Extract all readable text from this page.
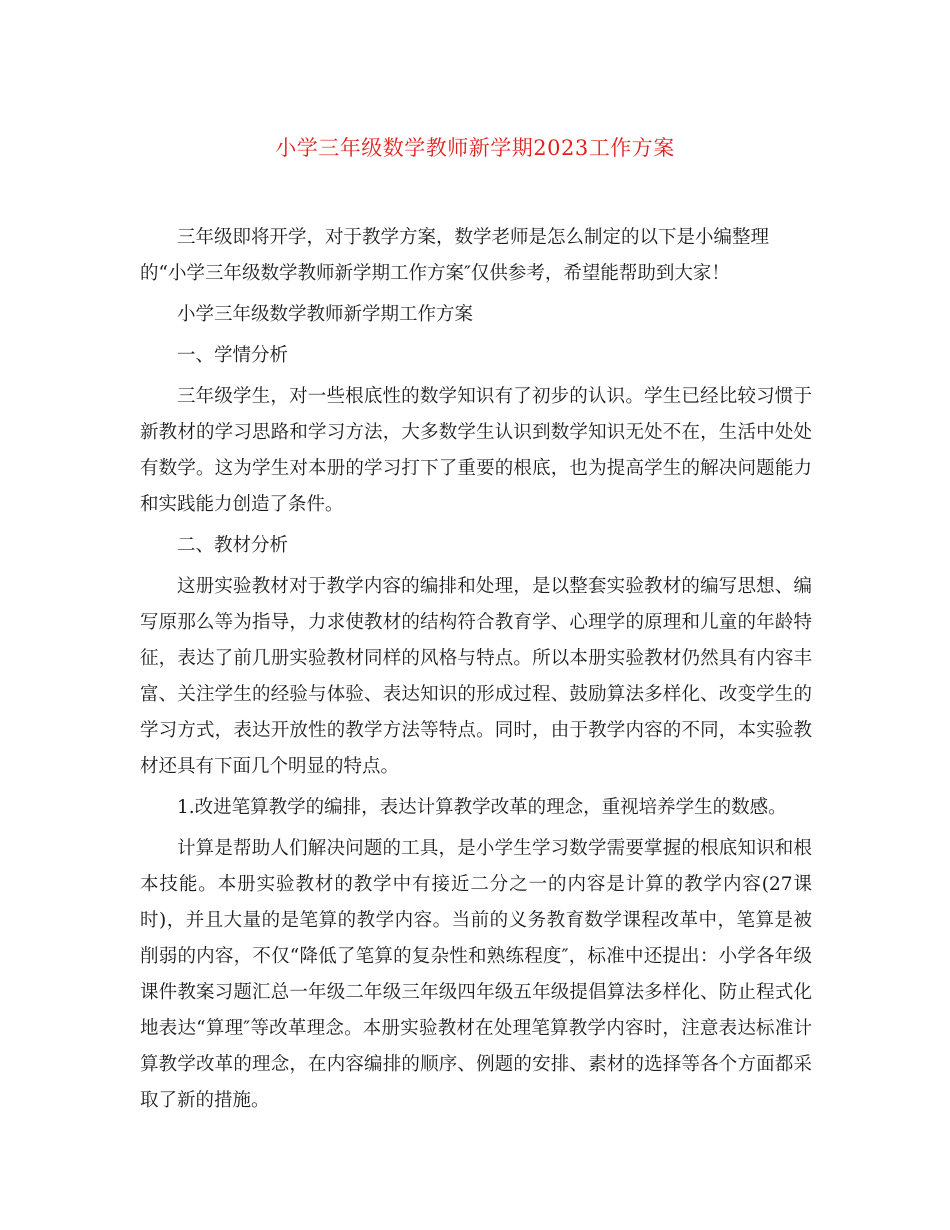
小学三年级数学教师新学期2023工作方案

三年级即将开学，对于教学方案，数学老师是怎么制定的以下是小编整理

的“小学三年级数学教师新学期工作方案″仅供参考，希望能帮助到大家！

小学三年级数学教师新学期工作方案

一、学情分析

三年级学生，对一些根底性的数学知识有了初步的认识。学生已经比较习惯于新教材的学习思路和学习方法，大多数学生认识到数学知识无处不在，生活中处处有数学。这为学生对本册的学习打下了重要的根底，也为提高学生的解决问题能力和实践能力创造了条件。

二、教材分析

这册实验教材对于教学内容的编排和处理，是以整套实验教材的编写思想、编写原那么等为指导，力求使教材的结构符合教育学、心理学的原理和儿童的年龄特征，表达了前几册实验教材同样的风格与特点。所以本册实验教材仍然具有内容丰富、关注学生的经验与体验、表达知识的形成过程、鼓励算法多样化、改变学生的学习方式，表达开放性的教学方法等特点。同时，由于教学内容的不同，本实验教材还具有下面几个明显的特点。

1.改进笔算教学的编排，表达计算教学改革的理念，重视培养学生的数感。

计算是帮助人们解决问题的工具，是小学生学习数学需要掌握的根底知识和根本技能。本册实验教材的教学中有接近二分之一的内容是计算的教学内容(27课时)，并且大量的是笔算的教学内容。当前的义务教育数学课程改革中，笔算是被削弱的内容，不仅“降低了笔算的复杂性和熟练程度″，标准中还提出：小学各年级课件教案习题汇总一年级二年级三年级四年级五年级提倡算法多样化、防止程式化地表达“算理″等改革理念。本册实验教材在处理笔算教学内容时，注意表达标准计算教学改革的理念，在内容编排的顺序、例题的安排、素材的选择等各个方面都采取了新的措施。
